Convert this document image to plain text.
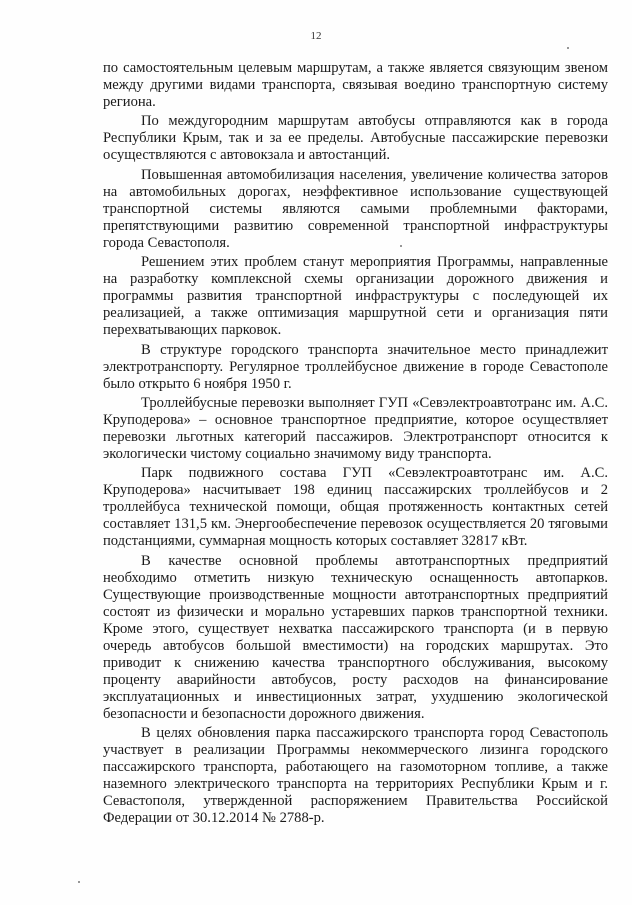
12

по самостоятельным целевым маршрутам, а также является связующим звеном между другими видами транспорта, связывая воедино транспортную систему региона.

По междугородним маршрутам автобусы отправляются как в города Республики Крым, так и за ее пределы. Автобусные пассажирские перевозки осуществляются с автовокзала и автостанций.

Повышенная автомобилизация населения, увеличение количества заторов на автомобильных дорогах, неэффективное использование существующей транспортной системы являются самыми проблемными факторами, препятствующими развитию современной транспортной инфраструктуры города Севастополя.

Решением этих проблем станут мероприятия Программы, направленные на разработку комплексной схемы организации дорожного движения и программы развития транспортной инфраструктуры с последующей их реализацией, а также оптимизация маршрутной сети и организация пяти перехватывающих парковок.

В структуре городского транспорта значительное место принадлежит электротранспорту. Регулярное троллейбусное движение в городе Севастополе было открыто 6 ноября 1950 г.

Троллейбусные перевозки выполняет ГУП «Севэлектроавтотранс им. А.С. Круподерова» – основное транспортное предприятие, которое осуществляет перевозки льготных категорий пассажиров. Электротранспорт относится к экологически чистому социально значимому виду транспорта.

Парк подвижного состава ГУП «Севэлектроавтотранс им. А.С. Круподерова» насчитывает 198 единиц пассажирских троллейбусов и 2 троллейбуса технической помощи, общая протяженность контактных сетей составляет 131,5 км. Энергообеспечение перевозок осуществляется 20 тяговыми подстанциями, суммарная мощность которых составляет 32817 кВт.

В качестве основной проблемы автотранспортных предприятий необходимо отметить низкую техническую оснащенность автопарков. Существующие производственные мощности автотранспортных предприятий состоят из физически и морально устаревших парков транспортной техники. Кроме этого, существует нехватка пассажирского транспорта (и в первую очередь автобусов большой вместимости) на городских маршрутах. Это приводит к снижению качества транспортного обслуживания, высокому проценту аварийности автобусов, росту расходов на финансирование эксплуатационных и инвестиционных затрат, ухудшению экологической безопасности и безопасности дорожного движения.

В целях обновления парка пассажирского транспорта город Севастополь участвует в реализации Программы некоммерческого лизинга городского пассажирского транспорта, работающего на газомоторном топливе, а также наземного электрического транспорта на территориях Республики Крым и г. Севастополя, утвержденной распоряжением Правительства Российской Федерации от 30.12.2014 № 2788-р.
